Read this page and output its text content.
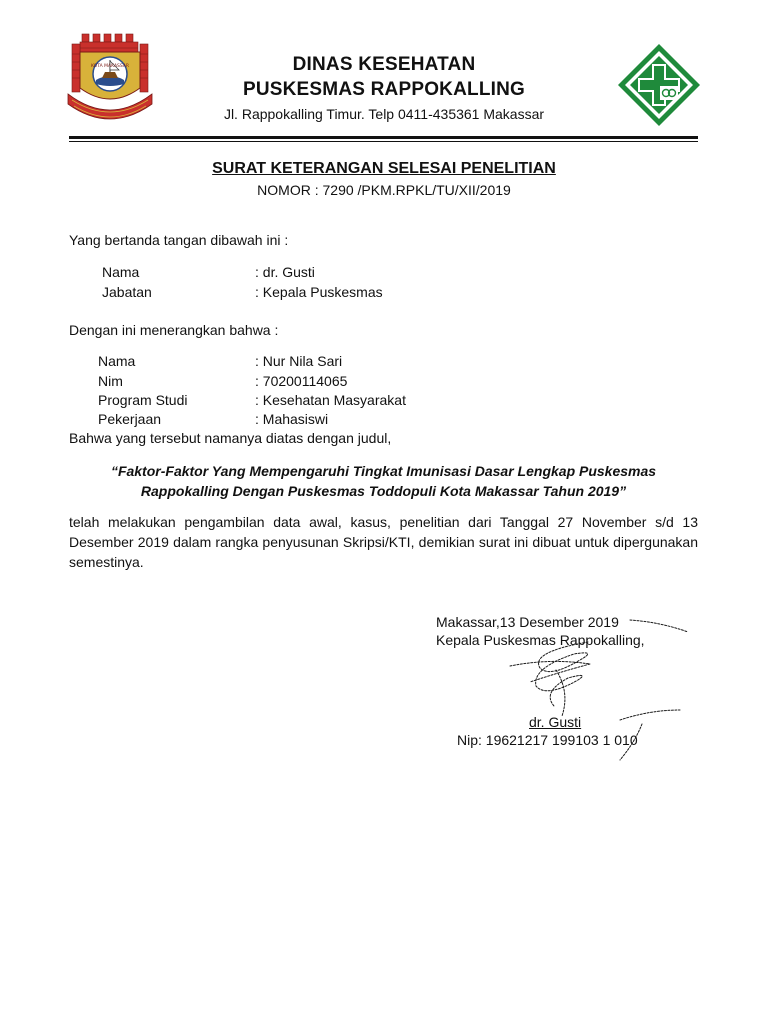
KOTA MAKASSAR	DINAS KESEHATAN
PUSKESMAS RAPPOKALLING
Jl. Rappokalling Timur. Telp 0411-435361 Makassar
SURAT KETERANGAN SELESAI PENELITIAN
NOMOR : 7290 /PKM.RPKL/TU/XII/2019
Yang bertanda tangan dibawah ini :
Nama	: dr. Gusti
Jabatan	: Kepala Puskesmas
Dengan ini menerangkan bahwa :
Nama	: Nur Nila Sari
Nim	: 70200114065
Program Studi	: Kesehatan Masyarakat
Pekerjaan	: Mahasiswi
Bahwa yang tersebut namanya diatas dengan judul,
“Faktor-Faktor Yang Mempengaruhi Tingkat Imunisasi Dasar Lengkap Puskesmas Rappokalling Dengan Puskesmas Toddopuli Kota Makassar Tahun 2019”
telah melakukan pengambilan data awal, kasus, penelitian dari Tanggal 27 November s/d 13 Desember 2019 dalam rangka penyusunan Skripsi/KTI, demikian surat ini dibuat untuk dipergunakan semestinya.
Makassar,13 Desember 2019
Kepala Puskesmas Rappokalling,
dr. Gusti
Nip: 19621217 199103 1 010
